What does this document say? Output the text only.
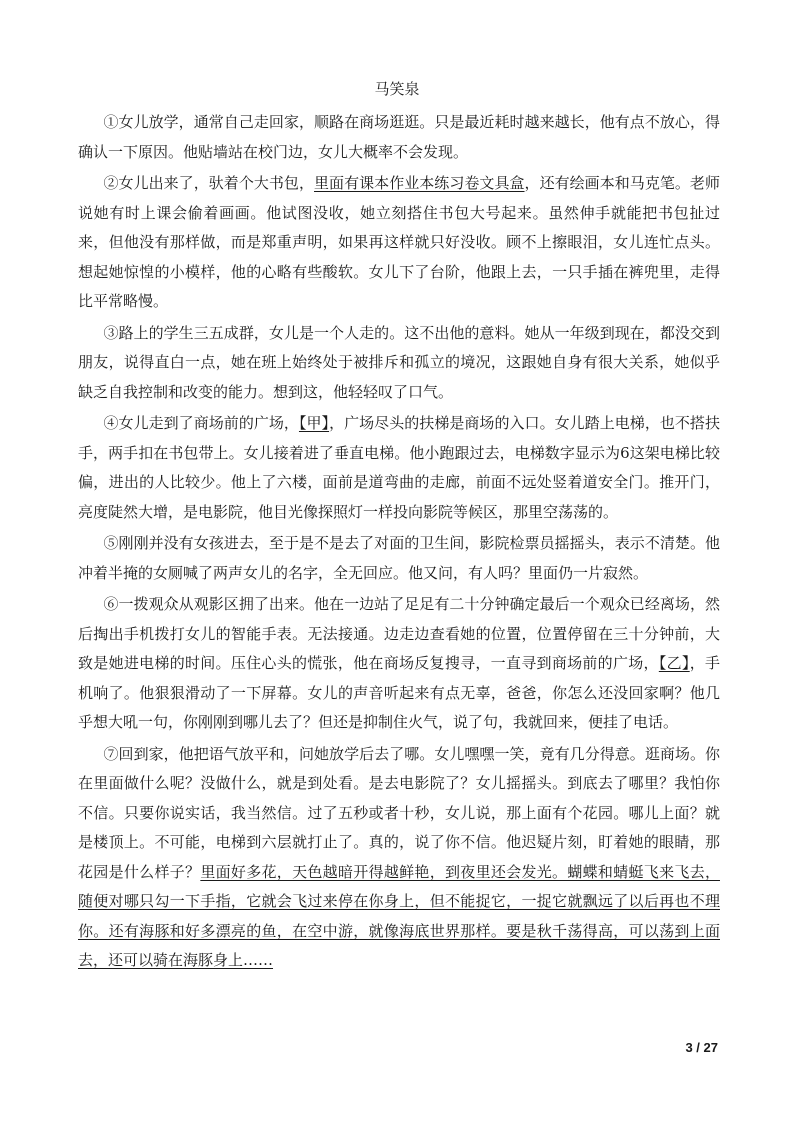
马笑泉

①女儿放学，通常自己走回家，顺路在商场逛逛。只是最近耗时越来越长，他有点不放心，得确认一下原因。他贴墙站在校门边，女儿大概率不会发现。

②女儿出来了，驮着个大书包，里面有课本作业本练习卷文具盒，还有绘画本和马克笔。老师说她有时上课会偷着画画。他试图没收，她立刻搭住书包大号起来。虽然伸手就能把书包扯过来，但他没有那样做，而是郑重声明，如果再这样就只好没收。顾不上擦眼泪，女儿连忙点头。想起她惊惶的小模样，他的心略有些酸软。女儿下了台阶，他跟上去，一只手插在裤兜里，走得比平常略慢。

③路上的学生三五成群，女儿是一个人走的。这不出他的意料。她从一年级到现在，都没交到朋友，说得直白一点，她在班上始终处于被排斥和孤立的境况，这跟她自身有很大关系，她似乎缺乏自我控制和改变的能力。想到这，他轻轻叹了口气。

④女儿走到了商场前的广场，【甲】，广场尽头的扶梯是商场的入口。女儿踏上电梯，也不搭扶手，两手扣在书包带上。女儿接着进了垂直电梯。他小跑跟过去，电梯数字显示为6这架电梯比较偏，进出的人比较少。他上了六楼，面前是道弯曲的走廊，前面不远处竖着道安全门。推开门，亮度陡然大增，是电影院，他目光像探照灯一样投向影院等候区，那里空荡荡的。

⑤刚刚并没有女孩进去，至于是不是去了对面的卫生间，影院检票员摇摇头，表示不清楚。他冲着半掩的女厕喊了两声女儿的名字，全无回应。他又问，有人吗？里面仍一片寂然。

⑥一拨观众从观影区拥了出来。他在一边站了足足有二十分钟确定最后一个观众已经离场，然后掏出手机拨打女儿的智能手表。无法接通。边走边查看她的位置，位置停留在三十分钟前，大致是她进电梯的时间。压住心头的慌张，他在商场反复搜寻，一直寻到商场前的广场，【乙】，手机响了。他狠狠滑动了一下屏幕。女儿的声音听起来有点无辜，爸爸，你怎么还没回家啊？他几乎想大吼一句，你刚刚到哪儿去了？但还是抑制住火气，说了句，我就回来，便挂了电话。

⑦回到家，他把语气放平和，问她放学后去了哪。女儿嘿嘿一笑，竟有几分得意。逛商场。你在里面做什么呢？没做什么，就是到处看。是去电影院了？女儿摇摇头。到底去了哪里？我怕你不信。只要你说实话，我当然信。过了五秒或者十秒，女儿说，那上面有个花园。哪儿上面？就是楼顶上。不可能，电梯到六层就打止了。真的，说了你不信。他迟疑片刻，盯着她的眼睛，那花园是什么样子？里面好多花，天色越暗开得越鲜艳，到夜里还会发光。蝴蝶和蜻蜓飞来飞去，随便对哪只勾一下手指，它就会飞过来停在你身上，但不能捉它，一捉它就飘远了以后再也不理你。还有海豚和好多漂亮的鱼，在空中游，就像海底世界那样。要是秋千荡得高，可以荡到上面去，还可以骑在海豚身上……

3 / 27
